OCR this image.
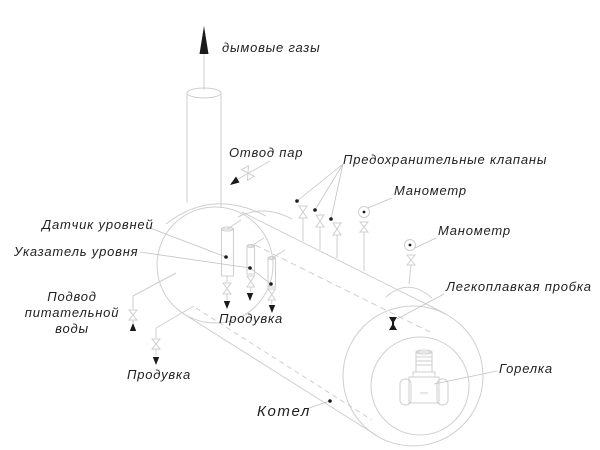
дымовые газы
Отвод пар	Предохранительные клапаны
Манометр
Манометр
Датчик уровней
Указатель уровня
Подвод
питательной воды
Продувка
Продувка
Легкоплавкая пробка
Горелка
Котел
